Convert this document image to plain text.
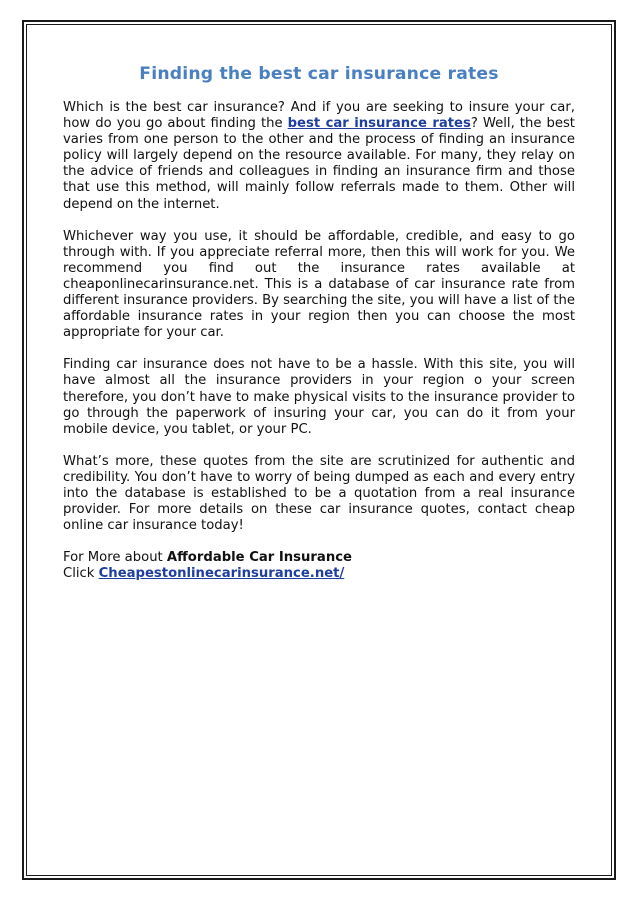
Finding the best car insurance rates

Which is the best car insurance? And if you are seeking to insure your car, how do you go about finding the best car insurance rates? Well, the best varies from one person to the other and the process of finding an insurance policy will largely depend on the resource available. For many, they relay on the advice of friends and colleagues in finding an insurance firm and those that use this method, will mainly follow referrals made to them. Other will depend on the internet.

Whichever way you use, it should be affordable, credible, and easy to go through with. If you appreciate referral more, then this will work for you. We recommend you find out the insurance rates available at cheaponlinecarinsurance.net. This is a database of car insurance rate from different insurance providers. By searching the site, you will have a list of the affordable insurance rates in your region then you can choose the most appropriate for your car.

Finding car insurance does not have to be a hassle. With this site, you will have almost all the insurance providers in your region o your screen therefore, you don’t have to make physical visits to the insurance provider to go through the paperwork of insuring your car, you can do it from your mobile device, you tablet, or your PC.

What’s more, these quotes from the site are scrutinized for authentic and credibility. You don’t have to worry of being dumped as each and every entry into the database is established to be a quotation from a real insurance provider. For more details on these car insurance quotes, contact cheap online car insurance today!

For More about Affordable Car Insurance
Click Cheapestonlinecarinsurance.net/
